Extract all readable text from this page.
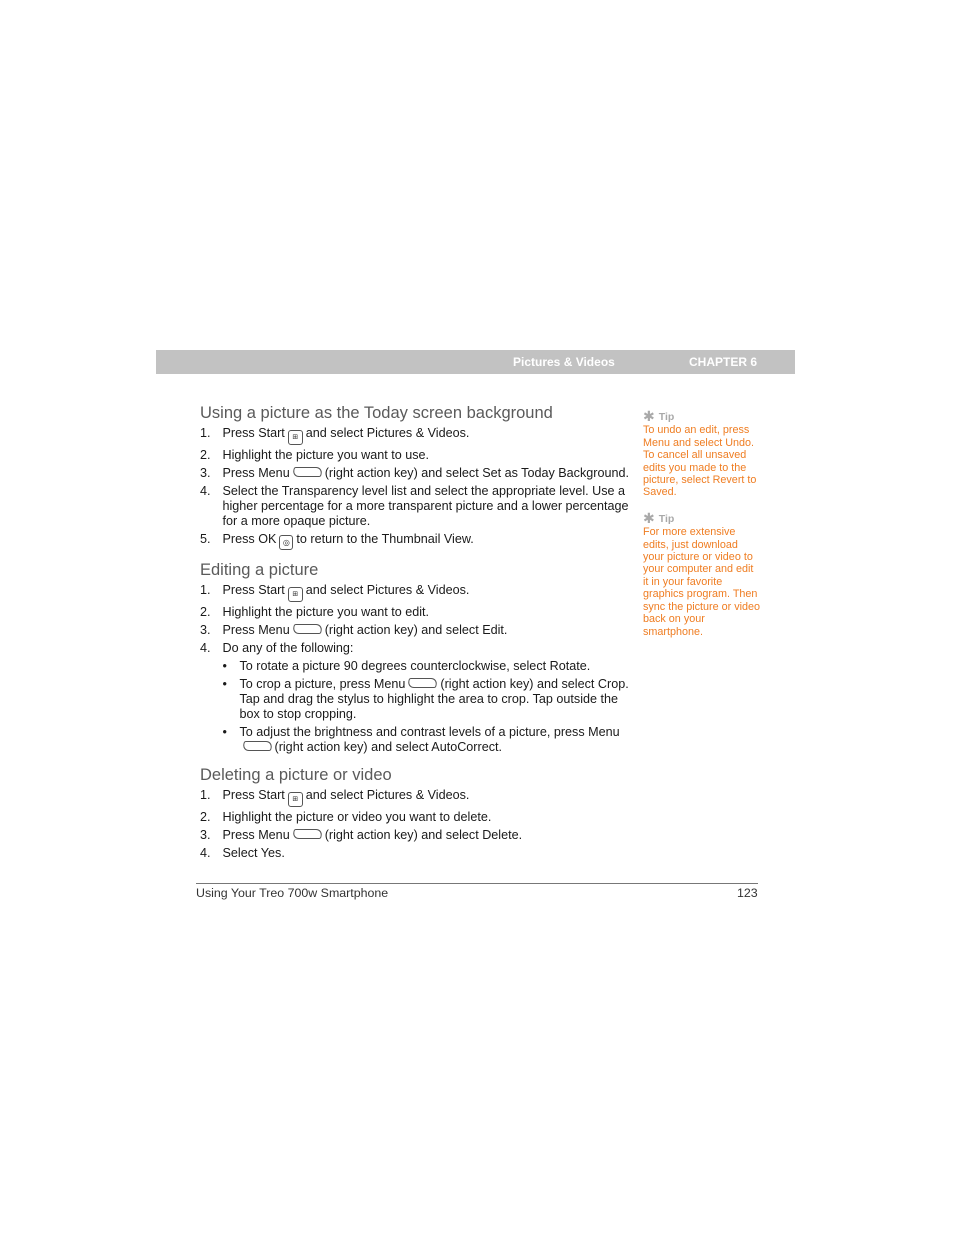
Pictures & Videos	CHAPTER 6
Using a picture as the Today screen background
1. Press Start ⊞ and select Pictures & Videos.
2. Highlight the picture you want to use.
3. Press Menu	(right action key) and select Set as Today Background.
4. Select the Transparency level list and select the appropriate level. Use a higher percentage for a more transparent picture and a lower percentage for a more opaque picture.
5. Press OK ◎ to return to the Thumbnail View.
Editing a picture
1. Press Start ⊞ and select Pictures & Videos.
2. Highlight the picture you want to edit.
3. Press Menu	(right action key) and select Edit.
4. Do any of the following:
• To rotate a picture 90 degrees counterclockwise, select Rotate.
• To crop a picture, press Menu	(right action key) and select Crop. Tap and drag the stylus to highlight the area to crop. Tap outside the box to stop cropping.
• To adjust the brightness and contrast levels of a picture, press Menu(right action key) and select AutoCorrect.
Deleting a picture or video
1. Press Start ⊞ and select Pictures & Videos.
2. Highlight the picture or video you want to delete.
3. Press Menu	(right action key) and select Delete.
4. Select Yes.
✱ Tip
To undo an edit, press Menu and select Undo. To cancel all unsaved edits you made to the picture, select Revert to Saved.
✱ Tip
For more extensive edits, just download your picture or video to your computer and edit it in your favorite graphics program. Then sync the picture or video back on your smartphone.
Using Your Treo 700w Smartphone	123
